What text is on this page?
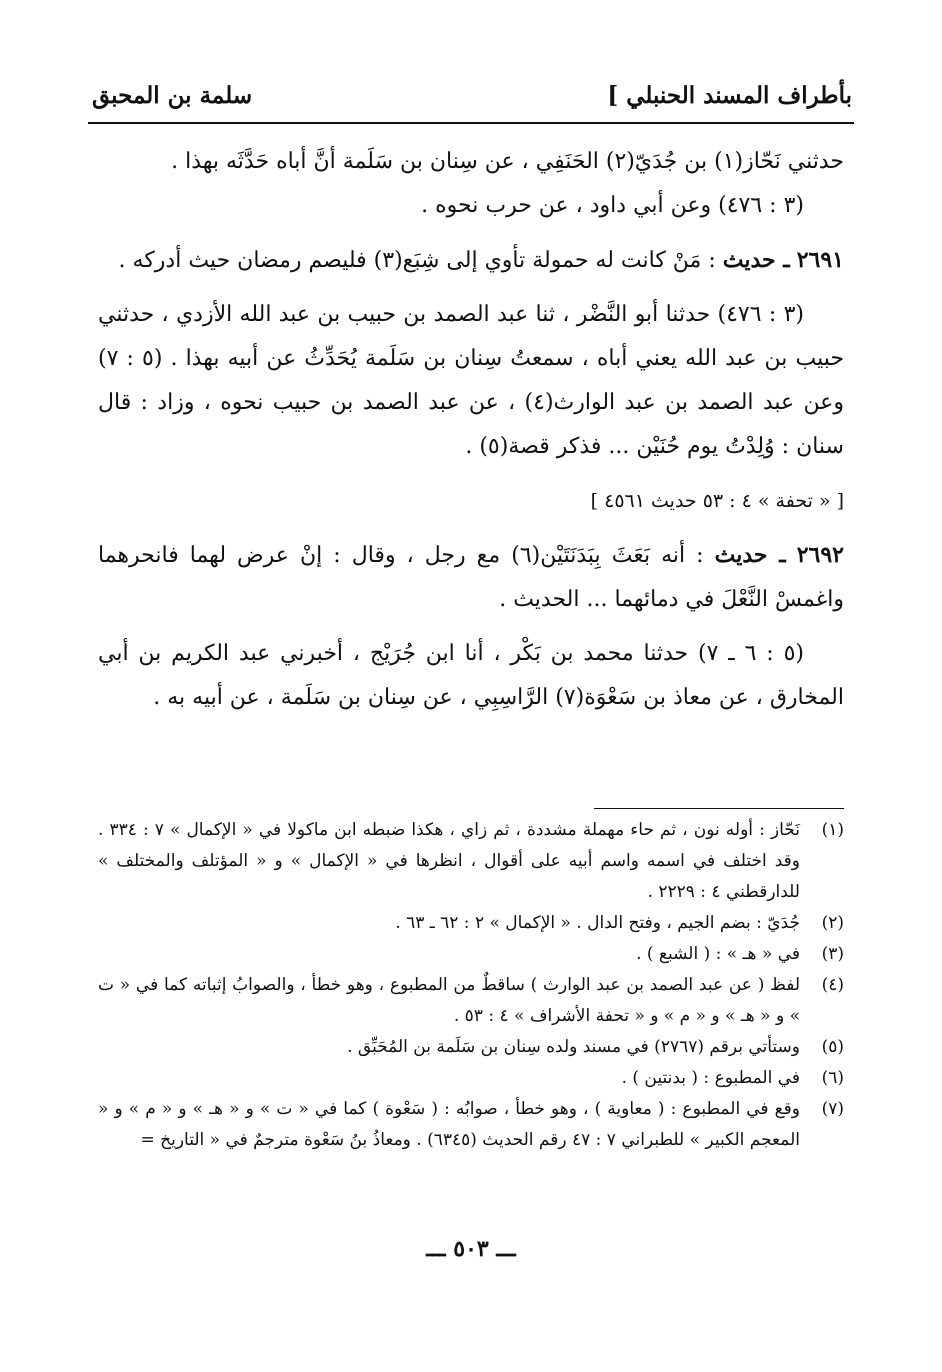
بأطراف المسند الحنبلي ]
سلمة بن المحبق

حدثني نَحّاز(١) بن جُدَيّ(٢) الحَنَفِي ، عن سِنان بن سَلَمة أنَّ أباه حَدَّثَه بهذا .

(٣ : ٤٧٦) وعن أبي داود ، عن حرب نحوه .

٢٦٩١ ـ حديث : مَنْ كانت له حمولة تأوي إلى شِبَع(٣) فليصم رمضان حيث أدركه .

(٣ : ٤٧٦) حدثنا أبو النَّضْر ، ثنا عبد الصمد بن حبيب بن عبد الله الأزدي ، حدثني حبيب بن عبد الله يعني أباه ، سمعتُ سِنان بن سَلَمة يُحَدِّثُ عن أبيه بهذا . (٥ : ٧) وعن عبد الصمد بن عبد الوارث(٤) ، عن عبد الصمد بن حبيب نحوه ، وزاد : قال سنان : وُلِدْتُ يوم حُنَيْن ... فذكر قصة(٥) .

[ « تحفة » ٤ : ٥٣ حديث ٤٥٦١ ]

٢٦٩٢ ـ حديث : أنه بَعَثَ بِبَدَنَتَيْن(٦) مع رجل ، وقال : إنْ عرض لهما فانحرهما واغمسْ النَّعْلَ في دمائهما ... الحديث .

(٥ : ٦ ـ ٧) حدثنا محمد بن بَكْر ، أنا ابن جُرَيْج ، أخبرني عبد الكريم بن أبي المخارق ، عن معاذ بن سَعْوَة(٧) الرَّاسِبِي ، عن سِنان بن سَلَمة ، عن أبيه به .

(١)
نَحّاز : أوله نون ، ثم حاء مهملة مشددة ، ثم زاي ، هكذا ضبطه ابن ماكولا في « الإكمال » ٧ : ٣٣٤ . وقد اختلف في اسمه واسم أبيه على أقوال ، انظرها في « الإكمال » و « المؤتلف والمختلف » للدارقطني ٤ : ٢٢٢٩ .
(٢)
جُدَيّ : بضم الجيم ، وفتح الدال . « الإكمال » ٢ : ٦٢ ـ ٦٣ .
(٣)
في « هـ » : ( الشبع ) .
(٤)
لفظ ( عن عبد الصمد بن عبد الوارث ) ساقطٌ من المطبوع ، وهو خطأ ، والصوابُ إثباته كما في « ت » و « هـ » و « م » و « تحفة الأشراف » ٤ : ٥٣ .
(٥)
وستأتي برقم (٢٧٦٧) في مسند ولده سِنان بن سَلَمة بن المُحَبِّق .
(٦)
في المطبوع : ( بدنتين ) .
(٧)
وقع في المطبوع : ( معاوية ) ، وهو خطأ ، صوابُه : ( سَعْوة ) كما في « ت » و « هـ » و « م » و « المعجم الكبير » للطبراني ٧ : ٤٧ رقم الحديث (٦٣٤٥) . ومعاذُ بنُ سَعْوة مترجمٌ في « التاريخ =
ـــ ٥٠٣ ـــ
